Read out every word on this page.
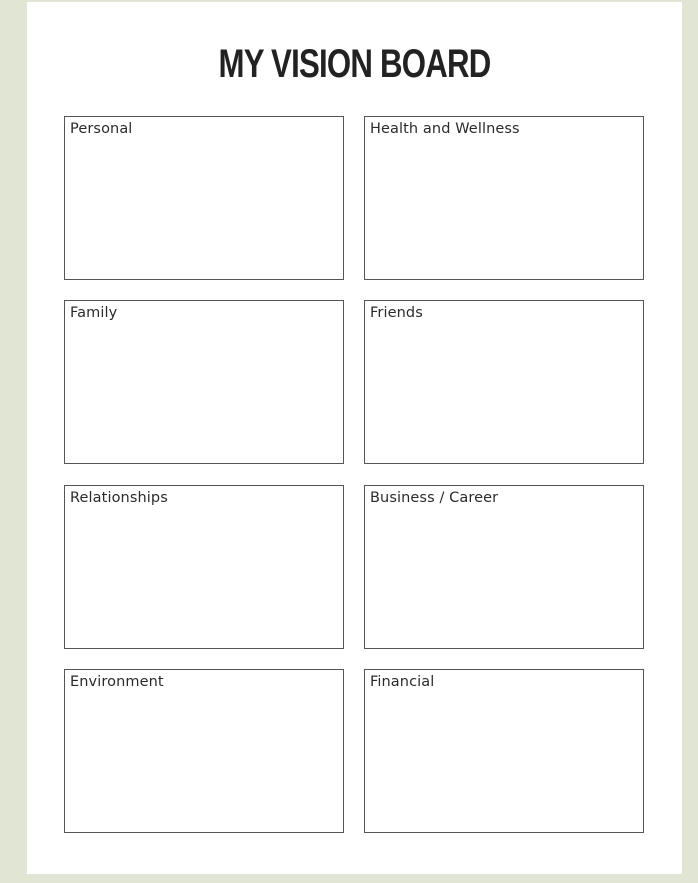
MY VISION BOARD
Personal	Health and Wellness
Family	Friends
Relationships	Business / Career
Environment	Financial
